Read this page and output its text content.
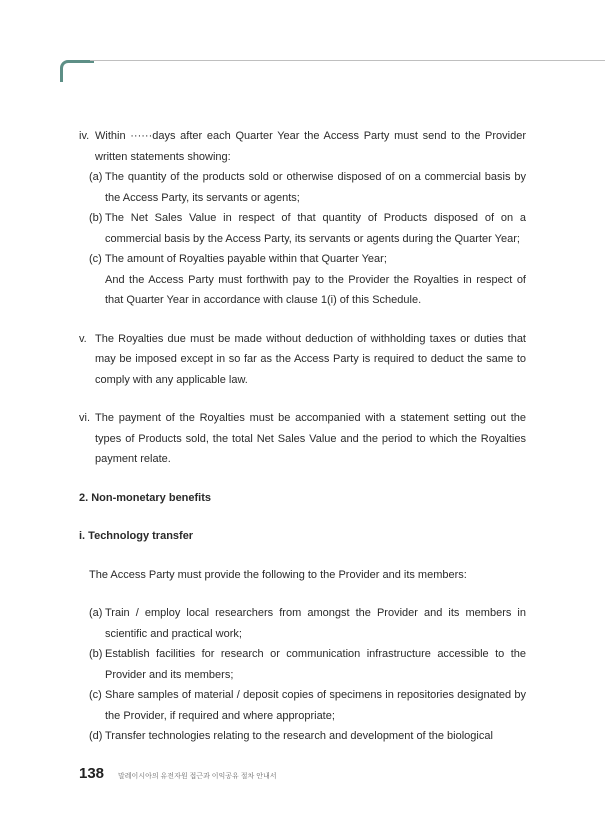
iv. Within ······days after each Quarter Year the Access Party must send to the Provider written statements showing:
(a) The quantity of the products sold or otherwise disposed of on a commercial basis by the Access Party, its servants or agents;
(b) The Net Sales Value in respect of that quantity of Products disposed of on a commercial basis by the Access Party, its servants or agents during the Quarter Year;
(c) The amount of Royalties payable within that Quarter Year;

And the Access Party must forthwith pay to the Provider the Royalties in respect of that Quarter Year in accordance with clause 1(i) of this Schedule.

v. The Royalties due must be made without deduction of withholding taxes or duties that may be imposed except in so far as the Access Party is required to deduct the same to comply with any applicable law.
vi. The payment of the Royalties must be accompanied with a statement setting out the types of Products sold, the total Net Sales Value and the period to which the Royalties payment relate.

2. Non-monetary benefits

i. Technology transfer

The Access Party must provide the following to the Provider and its members:

(a) Train / employ local researchers from amongst the Provider and its members in scientific and practical work;
(b) Establish facilities for research or communication infrastructure accessible to the Provider and its members;
(c) Share samples of material / deposit copies of specimens in repositories designated by the Provider, if required and where appropriate;
(d) Transfer technologies relating to the research and development of the biological
138 말레이시아의 유전자원 접근과 이익공유 절차 안내서
